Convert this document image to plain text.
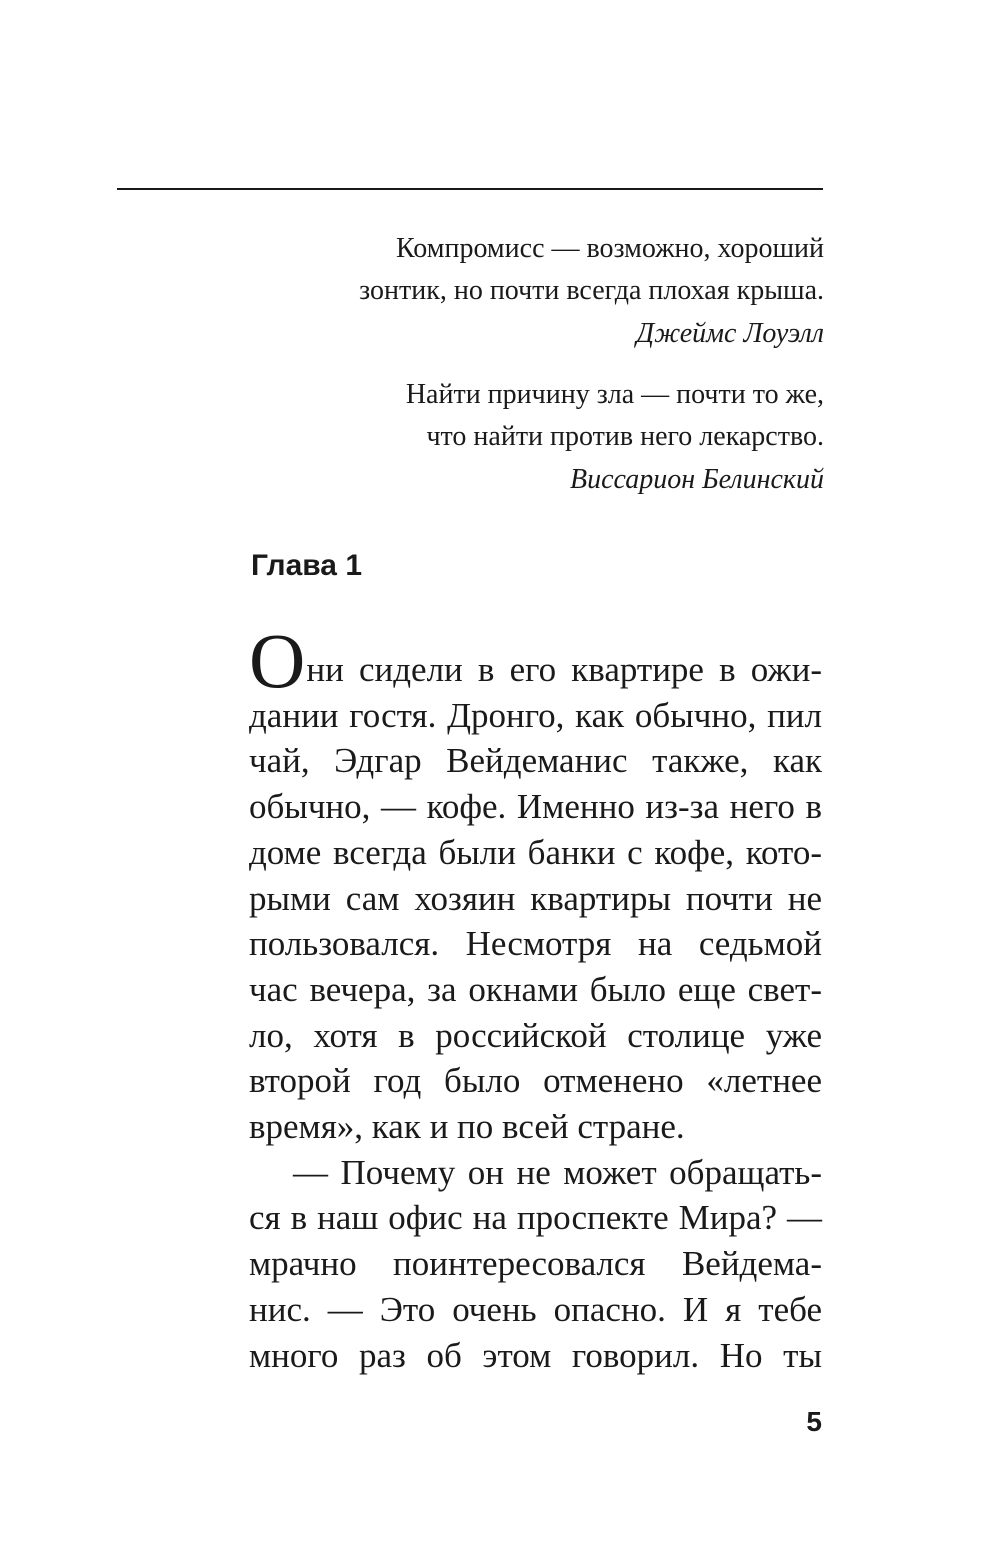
Компромисс — возможно, хороший
зонтик, но почти всегда плохая крыша.
Джеймс Лоуэлл
Найти причину зла — почти то же,
что найти против него лекарство.
Виссарион Белинский
Глава 1
Они сидели в его квартире в ожи-
дании гостя. Дронго, как обычно, пил
чай, Эдгар Вейдеманис также, как
обычно, — кофе. Именно из-за него в
доме всегда были банки с кофе, кото-
рыми сам хозяин квартиры почти не
пользовался. Несмотря на седьмой
час вечера, за окнами было еще свет-
ло, хотя в российской столице уже
второй год было отменено «летнее
время», как и по всей стране.
— Почему он не может обращать-
ся в наш офис на проспекте Мира? —
мрачно поинтересовался Вейдема-
нис. — Это очень опасно. И я тебе
много раз об этом говорил. Но ты
5
